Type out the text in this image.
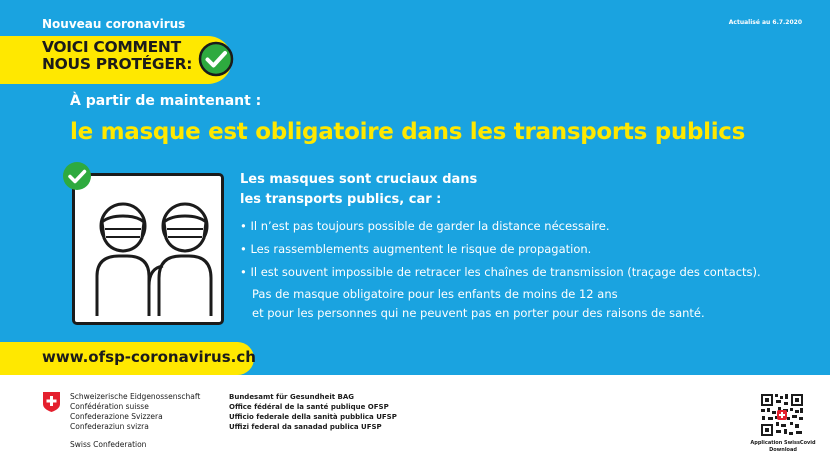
Nouveau coronavirus	Actualisé au 6.7.2020
VOICI COMMENT
NOUS PROTÉGER:
À partir de maintenant :
le masque est obligatoire dans les transports publics
Les masques sont cruciaux dans les transports publics, car :
• Il n’est pas toujours possible de garder la distance nécessaire.
• Les rassemblements augmentent le risque de propagation.
• Il est souvent impossible de retracer les chaînes de transmission (traçage des contacts).
Pas de masque obligatoire pour les enfants de moins de 12 ans
et pour les personnes qui ne peuvent pas en porter pour des raisons de santé.
www.ofsp-coronavirus.ch
Schweizerische Eidgenossenschaft
Confédération suisse
Confederazione Svizzera
Confederaziun svizra
Swiss Confederation
Bundesamt für Gesundheit BAG
Office fédéral de la santé publique OFSP
Ufficio federale della sanità pubblica UFSP
Uffizi federal da sanadad publica UFSP
Application SwissCovid
Download
